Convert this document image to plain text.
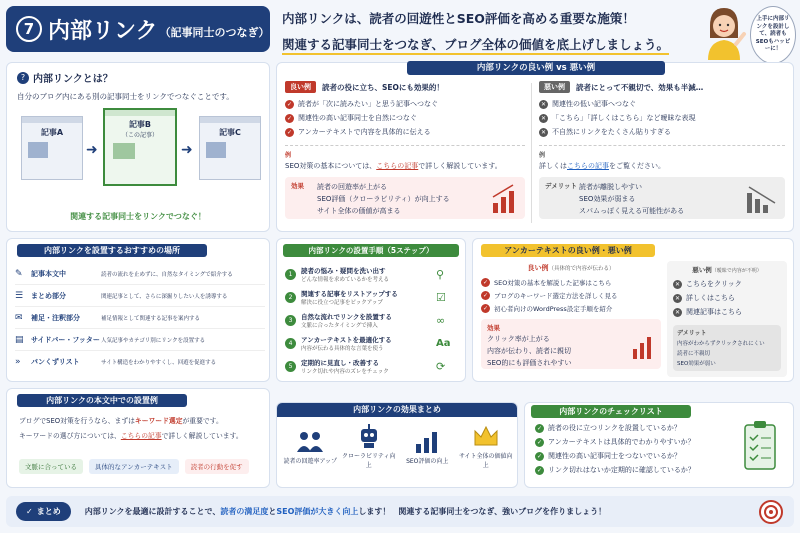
7 内部リンク （記事同士のつなぎ）
内部リンクは、読者の回遊性とSEO評価を高める重要な施策！
関連する記事同士をつなぎ、ブログ全体の価値を底上げしましょう。
上手に内部リンクを設計して、読者もSEOもハッピーに！
? 内部リンクとは？
自分のブログ内にある別の記事同士をリンクでつなぐことです。
記事A
➜
記事B
（この記事）
➜
記事C
関連する記事同士をリンクでつなぐ！
内部リンクの良い例 vs 悪い例
良い例	読者の役に立ち、SEOにも効果的！
✓ 読者が「次に読みたい」と思う記事へつなぐ
✓ 関連性の高い記事同士を自然につなぐ
✓ アンカーテキストで内容を具体的に伝える
例
SEO対策の基本については、こちらの記事で詳しく解説しています。
効果 読者の回遊率が上がる
SEO評価（クローラビリティ）が向上する
サイト全体の価値が高まる
悪い例	読者にとって不親切で、効果も半減…
✕ 関連性の低い記事へつなぐ
✕ 「こちら」「詳しくはこちら」など曖昧な表現
✕ 不自然にリンクをたくさん貼りすぎる
例
詳しくはこちらの記事をご覧ください。
デメリット 読者が離脱しやすい
SEO効果が弱まる
スパムっぽく見える可能性がある
内部リンクを設置するおすすめの場所
✎	記事本文中	読者の流れを止めずに、自然なタイミングで紹介する
☰	まとめ部分	関連記事として、さらに深掘りしたい人を誘導する
✉	補足・注釈部分	補足情報として関連する記事を案内する
▤	サイドバー・フッター 人気記事やカテゴリ別にリンクを設置する
»	パンくずリスト	サイト構造をわかりやすくし、回遊を促進する
内部リンクの設置手順（5ステップ）
1	読者の悩み・疑問を洗い出す
どんな情報を求めているかを考える	⚲
2	関連する記事をリストアップする
解決に役立つ記事をピックアップ	☑
3	自然な流れでリンクを設置する
文脈に合ったタイミングで挿入	∞
4	アンカーテキストを最適化する
内容が伝わる具体的な言葉を使う	Aa
5	定期的に見直し・改善する
リンク切れや内容のズレをチェック	⟳
アンカーテキストの良い例・悪い例
良い例（具体的で内容が伝わる）
✓ SEO対策の基本を解説した記事はこちら
✓ ブログのキーワード選定方法を詳しく見る
✓ 初心者向けのWordPress設定手順を紹介
効果
クリック率が上がる
内容が伝わり、読者に親切
SEO的にも評価されやすい
悪い例（曖昧で内容が不明）
✕ こちらをクリック
✕ 詳しくはこちら
✕ 関連記事はこちら
デメリット
内容がわからずクリックされにくい
読者に不親切
SEO効果が弱い
内部リンクの本文中での設置例
ブログでSEO対策を行うなら、まずはキーワード選定が重要です。
キーワードの選び方については、こちらの記事で詳しく解説しています。
文脈に合っている	具体的なアンカーテキスト	読者の行動を促す
内部リンクの効果まとめ
読者の回遊率アップ
クローラビリティ向上
SEO評価の向上
サイト全体の価値向上
内部リンクのチェックリスト
✓ 読者の役に立つリンクを設置しているか？
✓ アンカーテキストは具体的でわかりやすいか？
✓ 関連性の高い記事同士をつないでいるか？
✓ リンク切れはないか定期的に確認しているか？
✓ まとめ	内部リンクを最適に設計することで、読者の満足度とSEO評価が大きく向上します！　関連する記事同士をつなぎ、強いブログを作りましょう！
